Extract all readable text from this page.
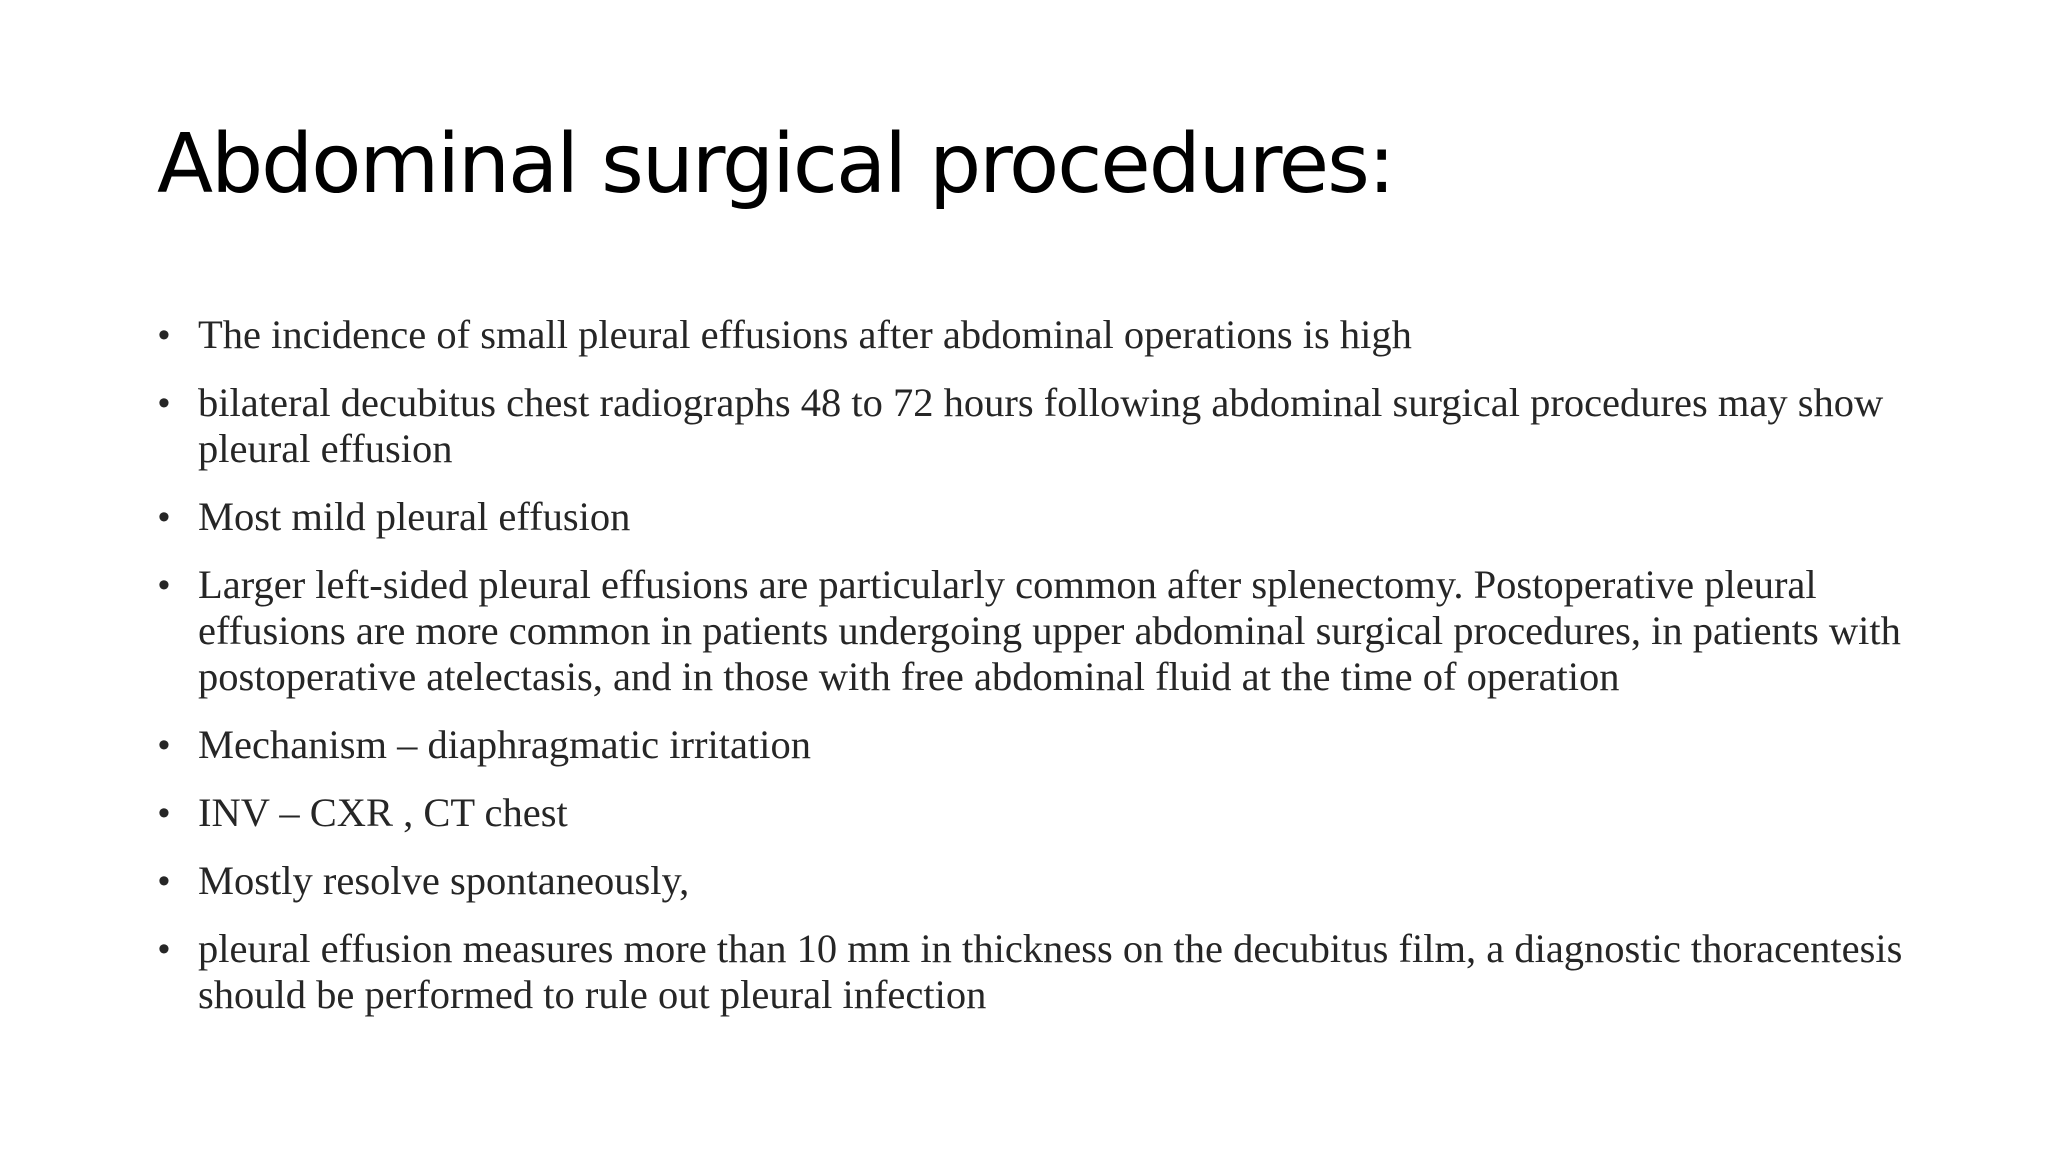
Abdominal surgical procedures:
• The incidence of small pleural effusions after abdominal operations is high
• bilateral decubitus chest radiographs 48 to 72 hours following abdominal surgical procedures may show pleural effusion
• Most mild pleural effusion
• Larger left-sided pleural effusions are particularly common after splenectomy. Postoperative pleural effusions are more common in patients undergoing upper abdominal surgical procedures, in patients with postoperative atelectasis, and in those with free abdominal fluid at the time of operation
• Mechanism – diaphragmatic irritation
• INV – CXR , CT chest
• Mostly resolve spontaneously,
• pleural effusion measures more than 10 mm in thickness on the decubitus film, a diagnostic thoracentesis should be performed to rule out pleural infection
